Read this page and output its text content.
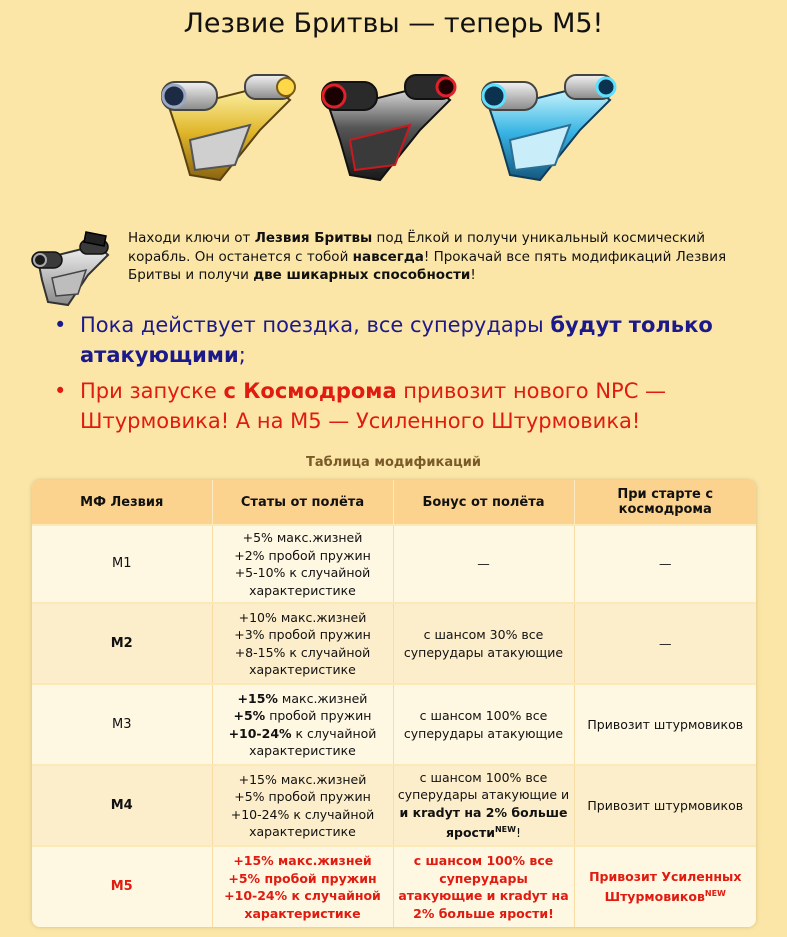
Лезвие Бритвы — теперь М5!
Находи ключи от Лезвия Бритвы под Ёлкой и получи уникальный космический корабль. Он останется с тобой навсегда! Прокачай все пять модификаций Лезвия Бритвы и получи две шикарных способности!
• Пока действует поездка, все суперудары будут только атакующими;
• При запуске с Космодрома привозит нового NPC — Штурмовика! А на М5 — Усиленного Штурмовика!
Таблица модификаций
МФ Лезвия	Статы от полёта	Бонус от полёта	При старте с космодрома
М1	+5% макс.жизней
+2% пробой пружин
+5-10% к случайной характеристике	—	—
М2	+10% макс.жизней
+3% пробой пружин
+8-15% к случайной характеристике	с шансом 30% все суперудары атакующие	—
М3	+15% макс.жизней
+5% пробой пружин
+10-24% к случайной характеристике	с шансом 100% все суперудары атакующие	Привозит штурмовиков
М4	+15% макс.жизней
+5% пробой пружин
+10-24% к случайной характеристике	с шансом 100% все суперудары атакующие и и кradут на 2% больше ярости$^{NEW}$!	Привозит штурмовиков
М5	+15% макс.жизней
+5% пробой пружин
+10-24% к случайной характеристике	с шансом 100% все суперудары атакующие и кradут на 2% больше ярости!	Привозит Усиленных Штурмовиков$^{NEW}$
